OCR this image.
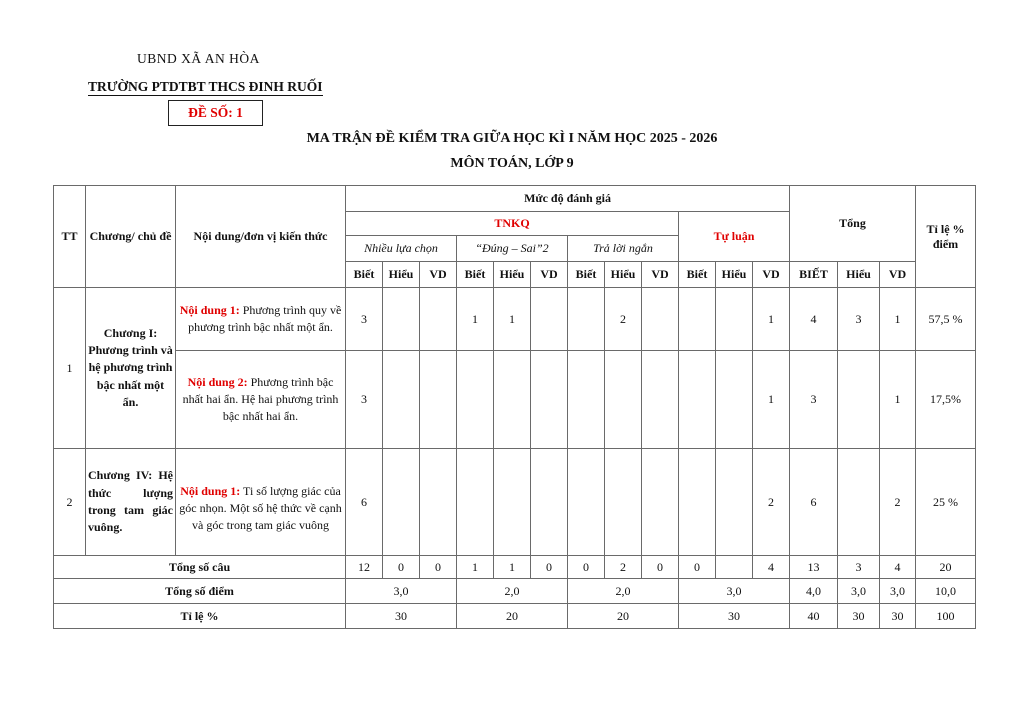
UBND XÃ AN HÒA
TRƯỜNG PTDTBT THCS ĐINH RUỐI
ĐỀ SỐ: 1
MA TRẬN ĐỀ KIỂM TRA GIỮA HỌC KÌ I NĂM HỌC 2025 - 2026
MÔN TOÁN, LỚP 9
TT	Chương/ chủ đề	Nội dung/đơn vị kiến thức	Mức độ đánh giá												Tổng			Tỉ lệ % điểm
			TNKQ									Tự luận						
			Nhiều lựa chọn			“Đúng – Sai”2			Trả lời ngắn									
			Biết	Hiểu	VD	Biết	Hiểu	VD	Biết	Hiểu	VD	Biết	Hiểu	VD	BIẾT	Hiểu	VD	
1	Chương I: Phương trình và hệ phương trình bậc nhất một ẩn.	Nội dung 1: Phương trình quy về phương trình bậc nhất một ẩn.	3			1	1			2				1	4	3	1	57,5 %
		Nội dung 2: Phương trình bậc nhất hai ẩn. Hệ hai phương trình bậc nhất hai ẩn.	3											1	3		1	17,5%
2	Chương IV: Hệ thức lượng trong tam giác vuông.	Nội dung 1: Ti số lượng giác của góc nhọn. Một số hệ thức về cạnh và góc trong tam giác vuông	6											2	6		2	25 %
Tổng số câu			12	0	0	1	1	0	0	2	0	0		4	13	3	4	20
Tổng số điểm			3,0			2,0			2,0			3,0			4,0	3,0	3,0	10,0
Tỉ lệ %			30			20			20			30			40	30	30	100
